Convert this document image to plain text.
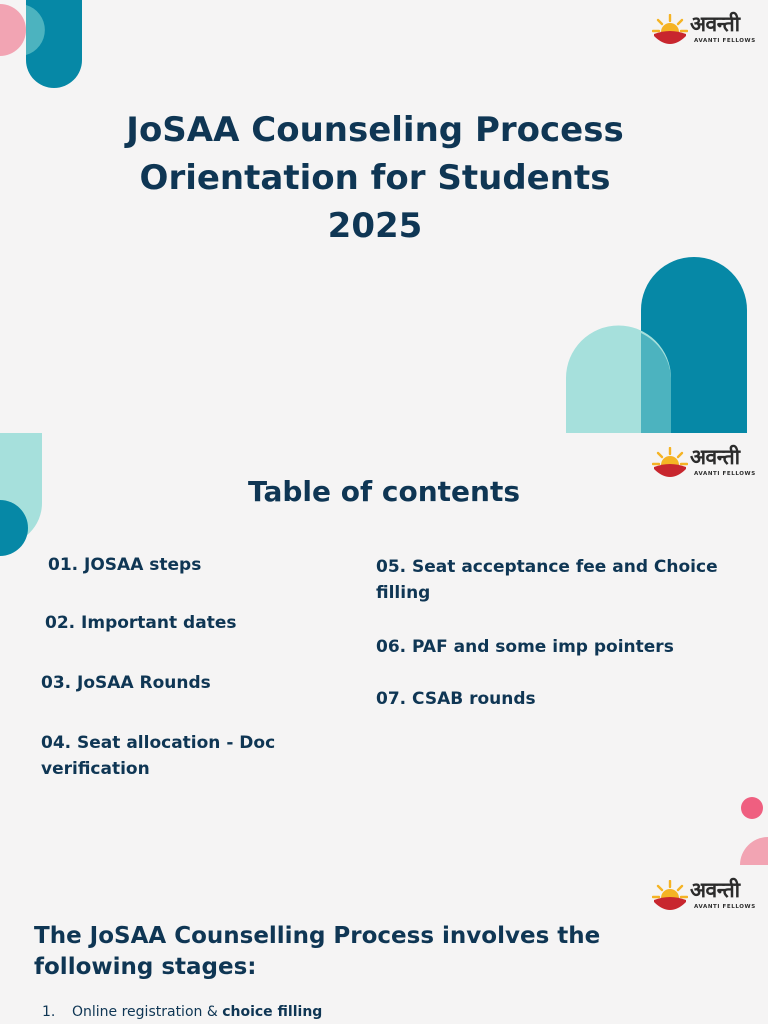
अवन्ती
AVANTI FELLOWS
JoSAA Counseling Process
Orientation for Students
2025
अवन्ती
AVANTI FELLOWS
Table of contents

01. JOSAA steps

02. Important dates

03. JoSAA Rounds

04. Seat allocation - Doc verification

05. Seat acceptance fee and Choice filling

06. PAF and some imp pointers

07. CSAB rounds

अवन्ती
AVANTI FELLOWS
The JoSAA Counselling Process involves the following stages:

1. Online registration & choice filling
